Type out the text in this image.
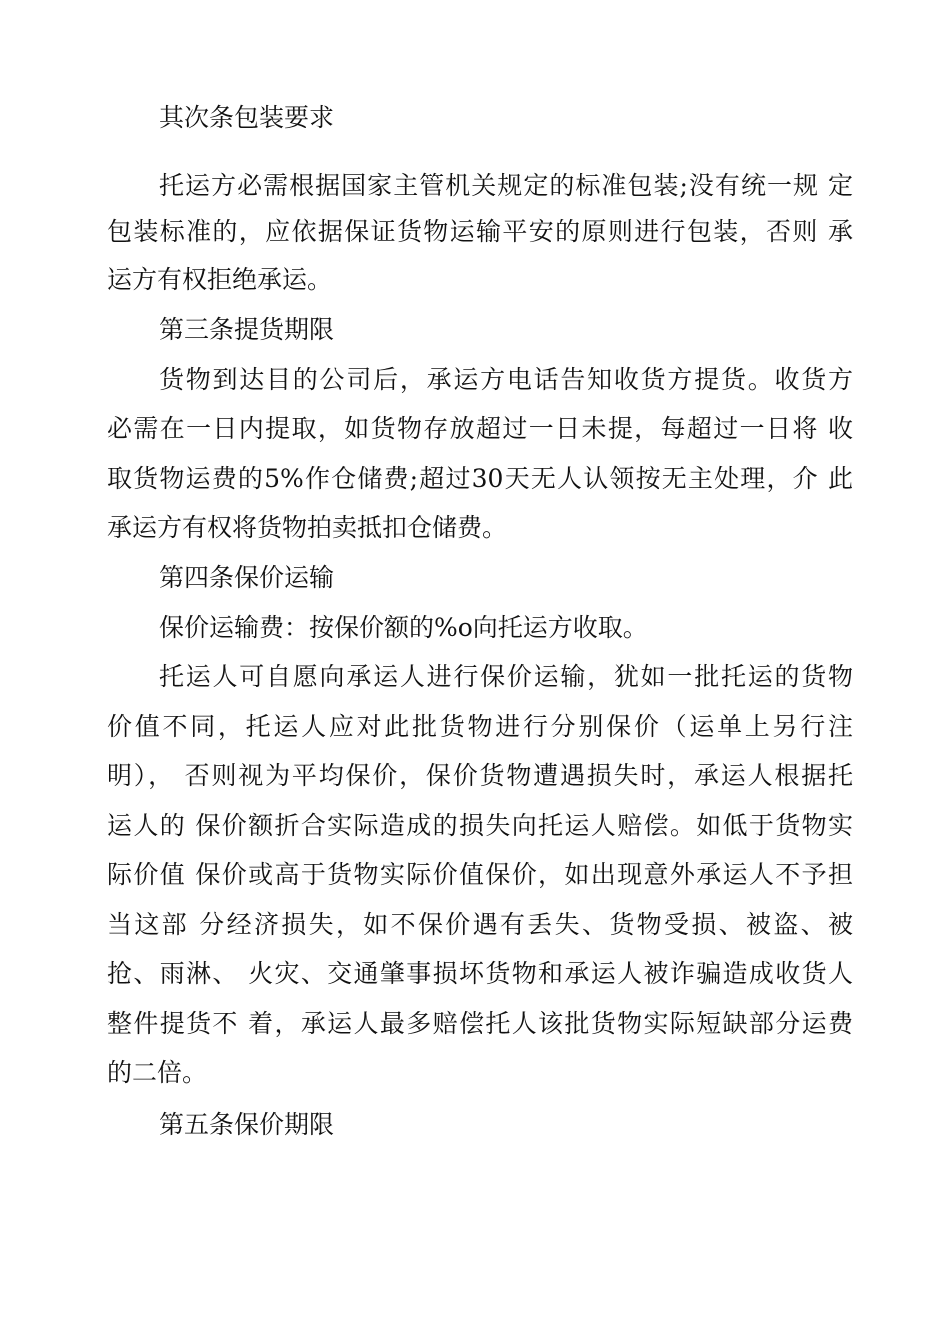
其次条包装要求
托运方必需根据国家主管机关规定的标准包装;没有统一规 定
包装标准的，应依据保证货物运输平安的原则进行包装，否则 承
运方有权拒绝承运。
第三条提货期限
货物到达目的公司后，承运方电话告知收货方提货。收货方
必需在一日内提取，如货物存放超过一日未提，每超过一日将 收
取货物运费的5%作仓储费;超过30天无人认领按无主处理，介 此
承运方有权将货物拍卖抵扣仓储费。
第四条保价运输
保价运输费：按保价额的%o向托运方收取。
托运人可自愿向承运人进行保价运输，犹如一批托运的货物
价值不同，托运人应对此批货物进行分别保价（运单上另行注
明）， 否则视为平均保价，保价货物遭遇损失时，承运人根据托
运人的 保价额折合实际造成的损失向托运人赔偿。如低于货物实
际价值 保价或高于货物实际价值保价，如出现意外承运人不予担
当这部 分经济损失，如不保价遇有丢失、货物受损、被盗、被
抢、雨淋、 火灾、交通肇事损坏货物和承运人被诈骗造成收货人
整件提货不 着，承运人最多赔偿托人该批货物实际短缺部分运费
的二倍。
第五条保价期限
